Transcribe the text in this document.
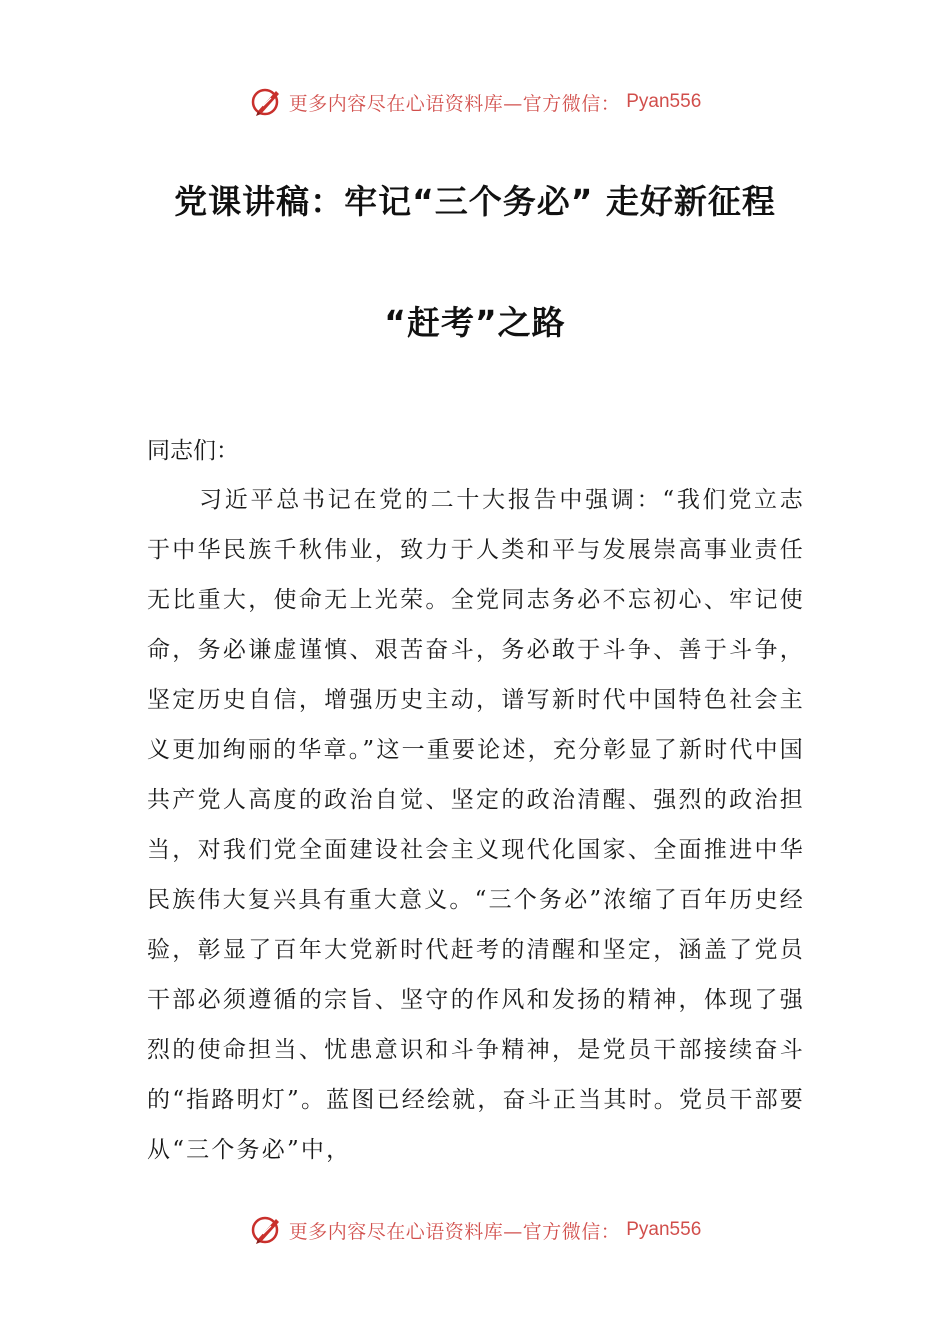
更多内容尽在心语资料库—官方微信： Pyan556
党课讲稿：牢记“三个务必” 走好新征程
“赶考”之路
同志们：

习近平总书记在党的二十大报告中强调：“我们党立志于中华民族千秋伟业，致力于人类和平与发展崇高事业责任无比重大，使命无上光荣。全党同志务必不忘初心、牢记使命，务必谦虚谨慎、艰苦奋斗，务必敢于斗争、善于斗争，坚定历史自信，增强历史主动，谱写新时代中国特色社会主义更加绚丽的华章。”这一重要论述，充分彰显了新时代中国共产党人高度的政治自觉、坚定的政治清醒、强烈的政治担当，对我们党全面建设社会主义现代化国家、全面推进中华民族伟大复兴具有重大意义。“三个务必”浓缩了百年历史经验，彰显了百年大党新时代赶考的清醒和坚定，涵盖了党员干部必须遵循的宗旨、坚守的作风和发扬的精神，体现了强烈的使命担当、忧患意识和斗争精神，是党员干部接续奋斗的“指路明灯”。蓝图已经绘就，奋斗正当其时。党员干部要从“三个务必”中，

更多内容尽在心语资料库—官方微信： Pyan556
